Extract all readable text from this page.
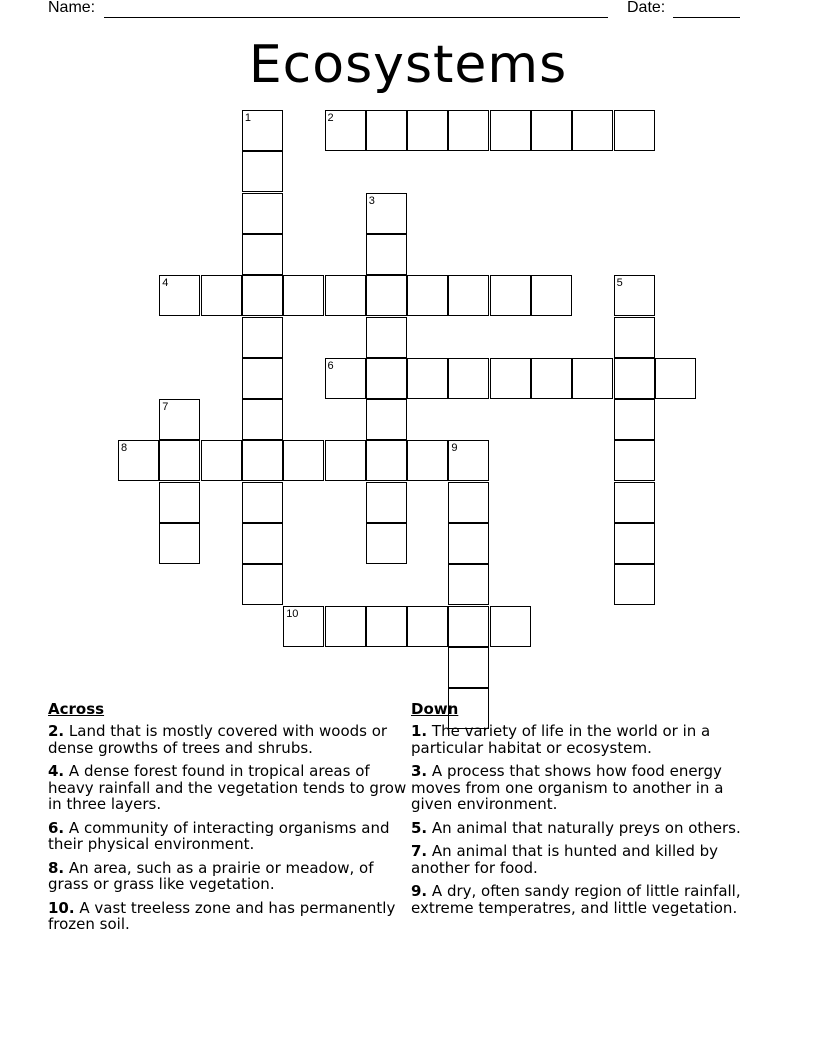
Name:	Date:
Ecosystems
1	2
3
4	5
6
7
8	9
10
Across
2. Land that is mostly covered with woods or dense growths of trees and shrubs.
4. A dense forest found in tropical areas of heavy rainfall and the vegetation tends to grow in three layers.
6. A community of interacting organisms and their physical environment.
8. An area, such as a prairie or meadow, of grass or grass like vegetation.
10. A vast treeless zone and has permanently frozen soil.
Down
1. The variety of life in the world or in a particular habitat or ecosystem.
3. A process that shows how food energy moves from one organism to another in a given environment.
5. An animal that naturally preys on others.
7. An animal that is hunted and killed by another for food.
9. A dry, often sandy region of little rainfall, extreme temperatres, and little vegetation.
